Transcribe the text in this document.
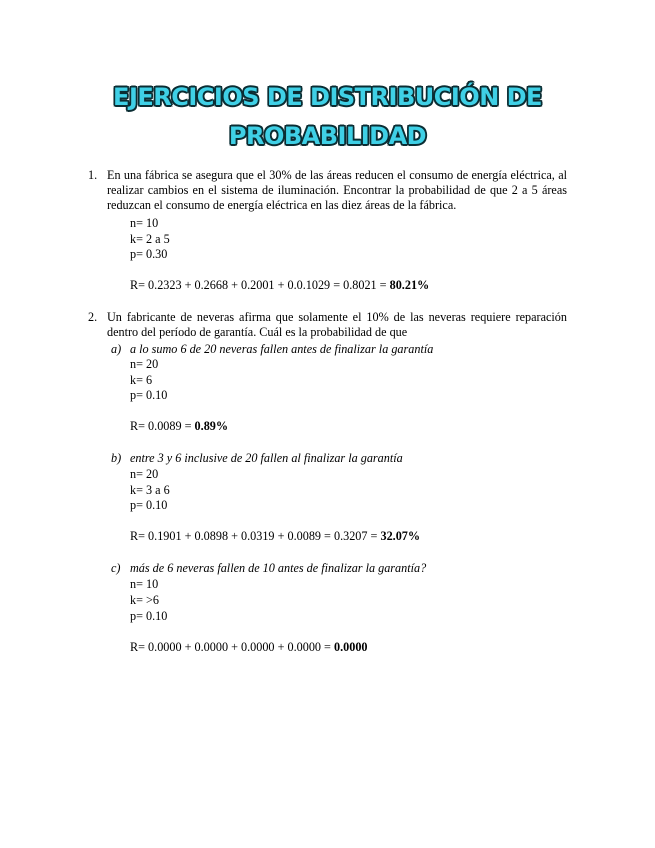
EJERCICIOS DE DISTRIBUCIÓN DE
PROBABILIDAD
1. En una fábrica se asegura que el 30% de las áreas reducen el consumo de energía eléctrica, al realizar cambios en el sistema de iluminación. Encontrar la probabilidad de que 2 a 5 áreas reduzcan el consumo de energía eléctrica en las diez áreas de la fábrica.
n= 10
k= 2 a 5
p= 0.30
R= 0.2323 + 0.2668 + 0.2001 + 0.0.1029 = 0.8021 = 80.21%
2. Un fabricante de neveras afirma que solamente el 10% de las neveras requiere reparación dentro del período de garantía. Cuál es la probabilidad de que
a) a lo sumo 6 de 20 neveras fallen antes de finalizar la garantía
n= 20
k= 6
p= 0.10
R= 0.0089 = 0.89%
b) entre 3 y 6 inclusive de 20 fallen al finalizar la garantía
n= 20
k= 3 a 6
p= 0.10
R= 0.1901 + 0.0898 + 0.0319 + 0.0089 = 0.3207 = 32.07%
c) más de 6 neveras fallen de 10 antes de finalizar la garantía?
n= 10
k= >6
p= 0.10
R= 0.0000 + 0.0000 + 0.0000 + 0.0000 = 0.0000
